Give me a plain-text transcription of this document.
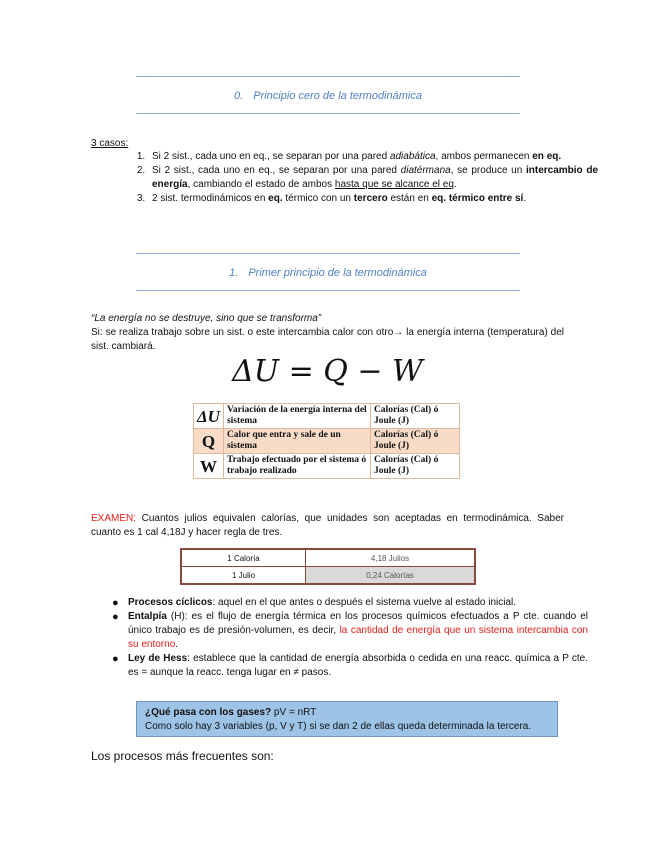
0. Principio cero de la termodinámica
3 casos:
1. Si 2 sist., cada uno en eq., se separan por una pared adiabática, ambos permanecen en eq.
2. Si 2 sist., cada uno en eq., se separan por una pared diatérmana, se produce un intercambio de energía, cambiando el estado de ambos hasta que se alcance el eq.
3. 2 sist. termodinámicos en eq. térmico con un tercero están en eq. térmico entre sí.
1. Primer principio de la termodinámica
“La energía no se destruye, sino que se transforma”
Si: se realiza trabajo sobre un sist. o este intercambia calor con otro→ la energía interna (temperatura) del sist. cambiará.
ΔU = Q − W
ΔU	Variación de la energía interna del sistema	Calorías (Cal) ó Joule (J)
Q	Calor que entra y sale de un sistema	Calorías (Cal) ó Joule (J)
W	Trabajo efectuado por el sistema ó trabajo realizado	Calorías (Cal) ó Joule (J)
EXAMEN: Cuantos julios equivalen calorías, que unidades son aceptadas en termodinámica. Saber cuanto es 1 cal 4,18J y hacer regla de tres.
1 Caloría	4,18 Julios
1 Julio	0,24 Calorías
● Procesos cíclicos: aquel en el que antes o después el sistema vuelve al estado inicial.
● Entalpía (H): es el flujo de energía térmica en los procesos químicos efectuados a P cte. cuando el único trabajo es de presión-volumen, es decir, la cantidad de energía que un sistema intercambia con su entorno.
● Ley de Hess: establece que la cantidad de energía absorbida o cedida en una reacc. química a P cte. es = aunque la reacc. tenga lugar en ≠ pasos.
¿Qué pasa con los gases? pV = nRT
Como solo hay 3 variables (p, V y T) si se dan 2 de ellas queda determinada la tercera.
Los procesos más frecuentes son:
